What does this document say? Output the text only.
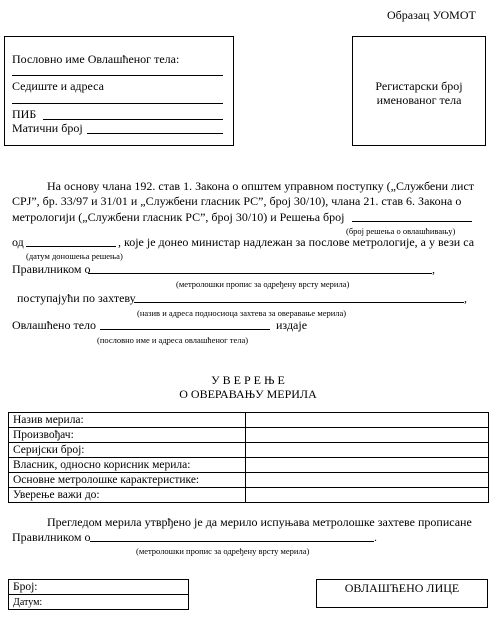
Образац УОМОТ
Пословно име Овлашћеног тела:
Седиште и адреса
ПИБ
Матични број
Регистарски број
именованог тела
На основу члана 192. став 1. Закона о општем управном поступку („Службени лист
СРЈ”, бр. 33/97 и 31/01 и „Службени гласник РС”, број 30/10), члана 21. став 6. Закона о
метрологији („Службени гласник РС”, број 30/10) и Решења број
(број решења о овлашћивању)
од	, које је донео министар надлежан за послове метрологије, а у вези са
(датум доношења решења)
Правилником о	,
(метролошки пропис за одређену врсту мерила)
поступајући по захтеву	,
(назив и адреса подносиоца захтева за оверавање мерила)
Овлашћено тело	издаје
(пословно име и адреса овлашћеног тела)
У В Е Р Е Њ Е
О ОВЕРАВАЊУ МЕРИЛА
Назив мерила:	
Произвођач:	
Серијски број:	
Власник, односно корисник мерила:	
Основне метролошке карактеристике:	
Уверење важи до:	
Прегледом мерила утврђено је да мерило испуњава метролошке захтеве прописане
Правилником о	.
(метролошки пропис за одређену врсту мерила)
Број:
Датум:
ОВЛАШЋЕНО ЛИЦЕ
